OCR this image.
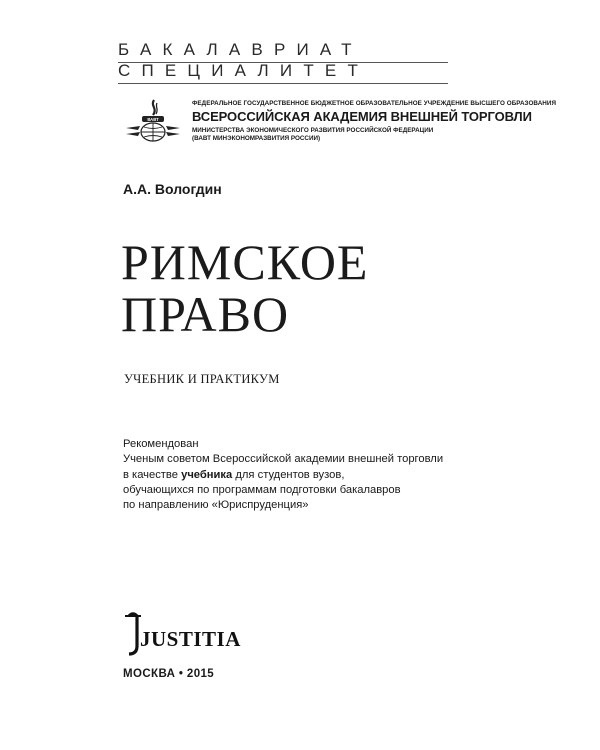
БАКАЛАВРИАТ
СПЕЦИАЛИТЕТ
ВАВТ
ФЕДЕРАЛЬНОЕ ГОСУДАРСТВЕННОЕ БЮДЖЕТНОЕ ОБРАЗОВАТЕЛЬНОЕ УЧРЕЖДЕНИЕ ВЫСШЕГО ОБРАЗОВАНИЯ
ВСЕРОССИЙСКАЯ АКАДЕМИЯ ВНЕШНЕЙ ТОРГОВЛИ
МИНИСТЕРСТВА ЭКОНОМИЧЕСКОГО РАЗВИТИЯ РОССИЙСКОЙ ФЕДЕРАЦИИ
(ВАВТ МИНЭКОНОМРАЗВИТИЯ РОССИИ)
А.А. Вологдин
РИМСКОЕ
ПРАВО
УЧЕБНИК И ПРАКТИКУМ
Рекомендован
Ученым советом Всероссийской академии внешней торговли
в качестве учебника для студентов вузов,
обучающихся по программам подготовки бакалавров
по направлению «Юриспруденция»
JUSTITIA
МОСКВА • 2015
